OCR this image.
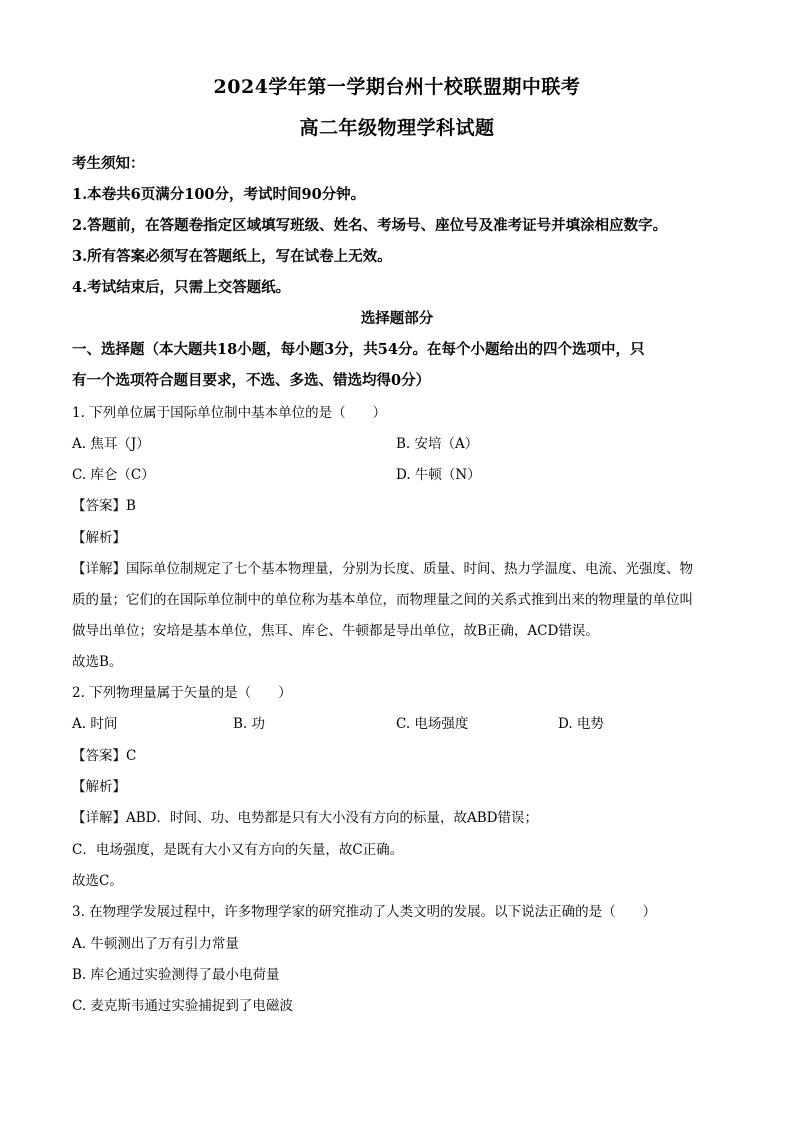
2024学年第一学期台州十校联盟期中联考
高二年级物理学科试题
考生须知：
1.本卷共6页满分100分，考试时间90分钟。
2.答题前，在答题卷指定区域填写班级、姓名、考场号、座位号及准考证号并填涂相应数字。
3.所有答案必须写在答题纸上，写在试卷上无效。
4.考试结束后，只需上交答题纸。
选择题部分
一、选择题（本大题共18小题，每小题3分，共54分。在每个小题给出的四个选项中，只
有一个选项符合题目要求，不选、多选、错选均得0分）
1. 下列单位属于国际单位制中基本单位的是（　　）
A. 焦耳（J）	B. 安培（A）
C. 库仑（C）	D. 牛顿（N）
【答案】B
【解析】
【详解】国际单位制规定了七个基本物理量，分别为长度、质量、时间、热力学温度、电流、光强度、物
质的量；它们的在国际单位制中的单位称为基本单位，而物理量之间的关系式推到出来的物理量的单位叫
做导出单位；安培是基本单位，焦耳、库仑、牛顿都是导出单位，故B正确，ACD错误。
故选B。
2. 下列物理量属于矢量的是（　　）
A. 时间	B. 功	C. 电场强度	D. 电势
【答案】C
【解析】
【详解】ABD．时间、功、电势都是只有大小没有方向的标量，故ABD错误；
C．电场强度，是既有大小又有方向的矢量，故C正确。
故选C。
3. 在物理学发展过程中，许多物理学家的研究推动了人类文明的发展。以下说法正确的是（　　）
A. 牛顿测出了万有引力常量
B. 库仑通过实验测得了最小电荷量
C. 麦克斯韦通过实验捕捉到了电磁波
